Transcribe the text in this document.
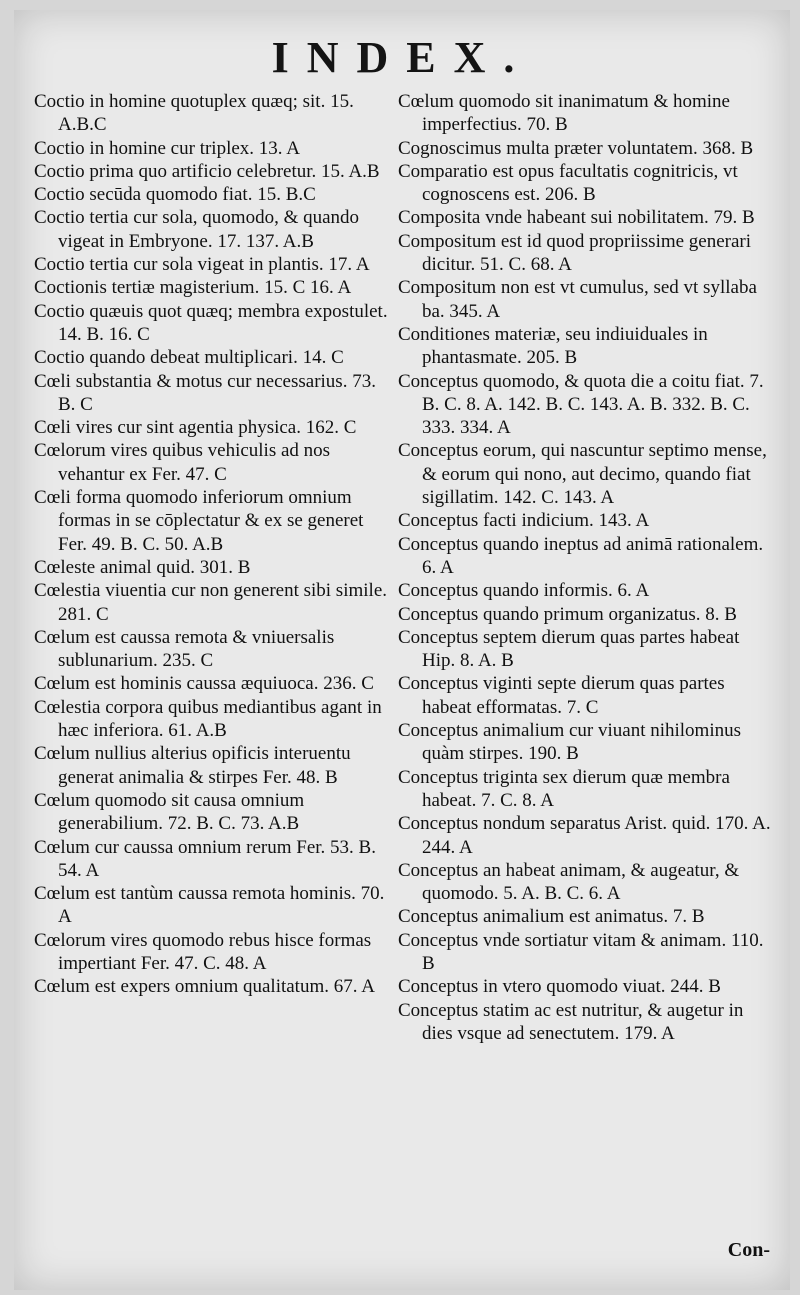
INDEX.

Coctio in homine quotuplex quæq; sit. 15. A.B.C

Coctio in homine cur triplex. 13. A

Coctio prima quo artificio celebretur. 15. A.B

Coctio secūda quomodo fiat. 15. B.C

Coctio tertia cur sola, quomodo, & quando vigeat in Embryone. 17. 137. A.B

Coctio tertia cur sola vigeat in plantis. 17. A

Coctionis tertiæ magisterium. 15. C 16. A

Coctio quæuis quot quæq; membra expostulet. 14. B. 16. C

Coctio quando debeat multiplicari. 14. C

Cœli substantia & motus cur necessarius. 73. B. C

Cœli vires cur sint agentia physica. 162. C

Cœlorum vires quibus vehiculis ad nos vehantur ex Fer. 47. C

Cœli forma quomodo inferiorum omnium formas in se cōplectatur & ex se generet Fer. 49. B. C. 50. A.B

Cœleste animal quid. 301. B

Cœlestia viuentia cur non generent sibi simile. 281. C

Cœlum est caussa remota & vniuersalis sublunarium. 235. C

Cœlum est hominis caussa æquiuoca. 236. C

Cœlestia corpora quibus mediantibus agant in hæc inferiora. 61. A.B

Cœlum nullius alterius opificis interuentu generat animalia & stirpes Fer. 48. B

Cœlum quomodo sit causa omnium generabilium. 72. B. C. 73. A.B

Cœlum cur caussa omnium rerum Fer. 53. B. 54. A

Cœlum est tantùm caussa remota hominis. 70. A

Cœlorum vires quomodo rebus hisce formas impertiant Fer. 47. C. 48. A

Cœlum est expers omnium qualitatum. 67. A

Cœlum quomodo sit inanimatum & homine imperfectius. 70. B

Cognoscimus multa præter voluntatem. 368. B

Comparatio est opus facultatis cognitricis, vt cognoscens est. 206. B

Composita vnde habeant sui nobilitatem. 79. B

Compositum est id quod propriissime generari dicitur. 51. C. 68. A

Compositum non est vt cumulus, sed vt syllaba ba. 345. A

Conditiones materiæ, seu indiuiduales in phantasmate. 205. B

Conceptus quomodo, & quota die a coitu fiat. 7. B. C. 8. A. 142. B. C. 143. A. B. 332. B. C. 333. 334. A

Conceptus eorum, qui nascuntur septimo mense, & eorum qui nono, aut decimo, quando fiat sigillatim. 142. C. 143. A

Conceptus facti indicium. 143. A

Conceptus quando ineptus ad animā rationalem. 6. A

Conceptus quando informis. 6. A

Conceptus quando primum organizatus. 8. B

Conceptus septem dierum quas partes habeat Hip. 8. A. B

Conceptus viginti septe dierum quas partes habeat efformatas. 7. C

Conceptus animalium cur viuant nihilominus quàm stirpes. 190. B

Conceptus triginta sex dierum quæ membra habeat. 7. C. 8. A

Conceptus nondum separatus Arist. quid. 170. A. 244. A

Conceptus an habeat animam, & augeatur, & quomodo. 5. A. B. C. 6. A

Conceptus animalium est animatus. 7. B

Conceptus vnde sortiatur vitam & animam. 110. B

Conceptus in vtero quomodo viuat. 244. B

Conceptus statim ac est nutritur, & augetur in dies vsque ad senectutem. 179. A

Con-
